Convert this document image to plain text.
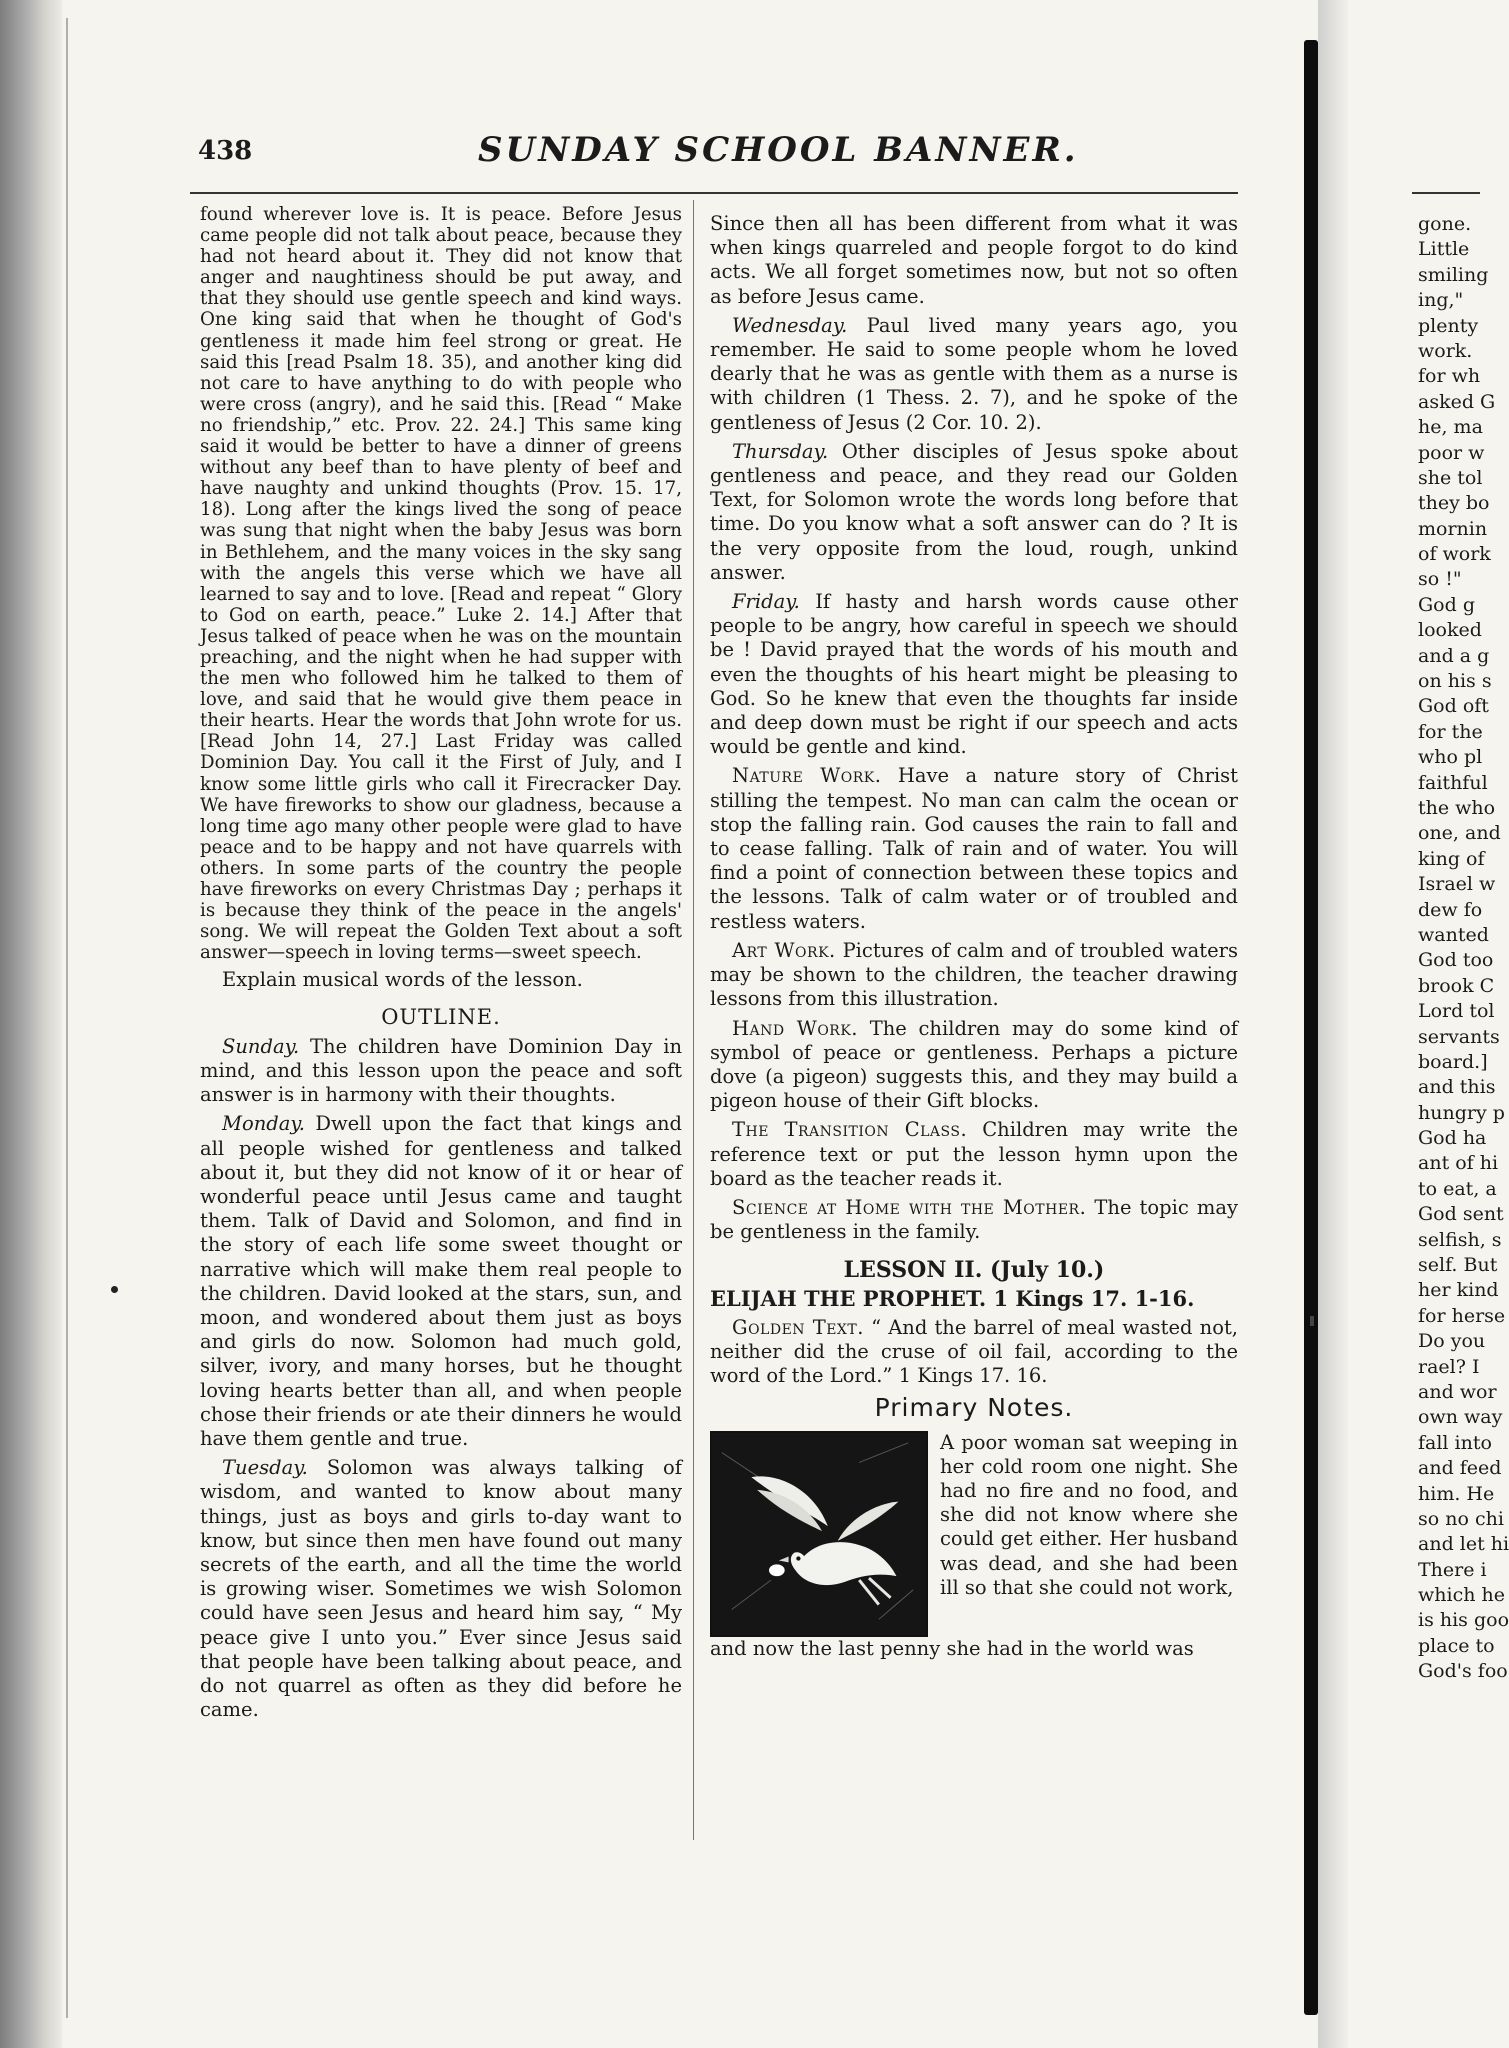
438	SUNDAY SCHOOL BANNER.

found wherever love is. It is peace. Before Jesus came people did not talk about peace, because they had not heard about it. They did not know that anger and naughtiness should be put away, and that they should use gentle speech and kind ways. One king said that when he thought of God's gentleness it made him feel strong or great. He said this [read Psalm 18. 35), and another king did not care to have anything to do with people who were cross (angry), and he said this. [Read “ Make no friendship,” etc. Prov. 22. 24.] This same king said it would be better to have a dinner of greens without any beef than to have plenty of beef and have naughty and unkind thoughts (Prov. 15. 17, 18). Long after the kings lived the song of peace was sung that night when the baby Jesus was born in Bethlehem, and the many voices in the sky sang with the angels this verse which we have all learned to say and to love. [Read and repeat “ Glory to God on earth, peace.” Luke 2. 14.] After that Jesus talked of peace when he was on the mountain preaching, and the night when he had supper with the men who followed him he talked to them of love, and said that he would give them peace in their hearts. Hear the words that John wrote for us. [Read John 14, 27.] Last Friday was called Dominion Day. You call it the First of July, and I know some little girls who call it Firecracker Day. We have fireworks to show our gladness, because a long time ago many other people were glad to have peace and to be happy and not have quarrels with others. In some parts of the country the people have fireworks on every Christmas Day ; perhaps it is because they think of the peace in the angels' song. We will repeat the Golden Text about a soft answer—speech in loving terms—sweet speech.

Explain musical words of the lesson.

OUTLINE.

Sunday. The children have Dominion Day in mind, and this lesson upon the peace and soft answer is in harmony with their thoughts.

Monday. Dwell upon the fact that kings and all people wished for gentleness and talked about it, but they did not know of it or hear of wonderful peace until Jesus came and taught them. Talk of David and Solomon, and find in the story of each life some sweet thought or narrative which will make them real people to the children. David looked at the stars, sun, and moon, and wondered about them just as boys and girls do now. Solomon had much gold, silver, ivory, and many horses, but he thought loving hearts better than all, and when people chose their friends or ate their dinners he would have them gentle and true.

Tuesday. Solomon was always talking of wisdom, and wanted to know about many things, just as boys and girls to-day want to know, but since then men have found out many secrets of the earth, and all the time the world is growing wiser. Sometimes we wish Solomon could have seen Jesus and heard him say, “ My peace give I unto you.” Ever since Jesus said that people have been talking about peace, and do not quarrel as often as they did before he came.

Since then all has been different from what it was when kings quarreled and people forgot to do kind acts. We all forget sometimes now, but not so often as before Jesus came.

Wednesday. Paul lived many years ago, you remember. He said to some people whom he loved dearly that he was as gentle with them as a nurse is with children (1 Thess. 2. 7), and he spoke of the gentleness of Jesus (2 Cor. 10. 2).

Thursday. Other disciples of Jesus spoke about gentleness and peace, and they read our Golden Text, for Solomon wrote the words long before that time. Do you know what a soft answer can do ? It is the very opposite from the loud, rough, unkind answer.

Friday. If hasty and harsh words cause other people to be angry, how careful in speech we should be ! David prayed that the words of his mouth and even the thoughts of his heart might be pleasing to God. So he knew that even the thoughts far inside and deep down must be right if our speech and acts would be gentle and kind.

Nature Work. Have a nature story of Christ stilling the tempest. No man can calm the ocean or stop the falling rain. God causes the rain to fall and to cease falling. Talk of rain and of water. You will find a point of connection between these topics and the lessons. Talk of calm water or of troubled and restless waters.

Art Work. Pictures of calm and of troubled waters may be shown to the children, the teacher drawing lessons from this illustration.

Hand Work. The children may do some kind of symbol of peace or gentleness. Perhaps a picture dove (a pigeon) suggests this, and they may build a pigeon house of their Gift blocks.

The Transition Class. Children may write the reference text or put the lesson hymn upon the board as the teacher reads it.

Science at Home with the Mother. The topic may be gentleness in the family.

LESSON II. (July 10.)
ELIJAH THE PROPHET. 1 Kings 17. 1-16.

Golden Text. “ And the barrel of meal wasted not, neither did the cruse of oil fail, according to the word of the Lord.” 1 Kings 17. 16.

Primary Notes.

A poor woman sat weeping in her cold room one night. She had no fire and no food, and she did not know where she could get either. Her husband was dead, and she had been ill so that she could not work,

and now the last penny she had in the world was

gone.
Little
smiling
ing,"
plenty
work.
for wh
asked G
he, ma
poor w
she tol
they bo
mornin
of work
so !"
God g
looked
and a g
on his s
God oft
for the
who pl
faithful
the who
one, and
king of
Israel w
dew fo
wanted
God too
brook C
Lord tol
servants
board.]
and this
hungry p
God ha
ant of hi
to eat, a
God sent
selfish, s
self. But
her kind
for herse
Do you
rael? I
and wor
own way
fall into
and feed
him. He
so no chi
and let hi
There i
which he
is his goo
place to
God's foo
